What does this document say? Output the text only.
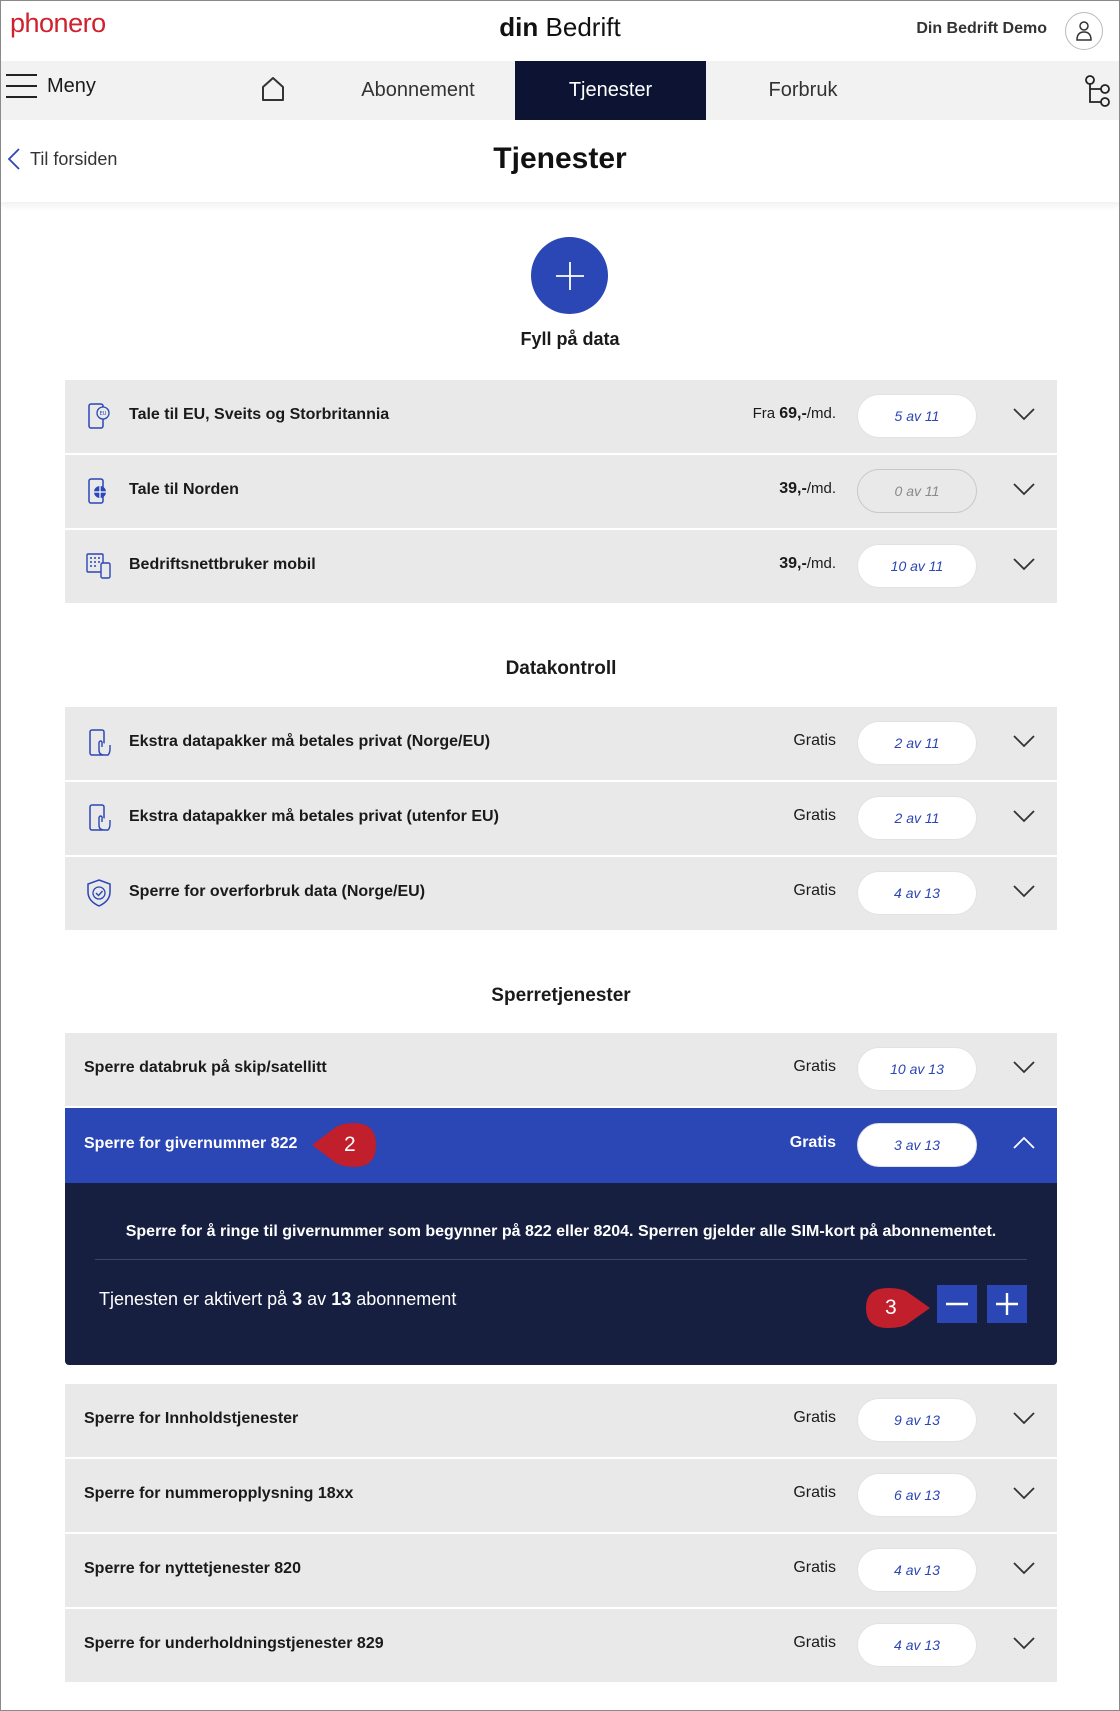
phonero	din Bedrift	Din Bedrift Demo
Meny	Abonnement	Tjenester	Forbruk
Til forsiden	Tjenester
Fyll på data
EU Tale til EU, Sveits og Storbritannia	Fra 69,-/md.	5 av 11
Tale til Norden	39,-/md.	0 av 11
Bedriftsnettbruker mobil	39,-/md.	10 av 11
Datakontroll
Ekstra datapakker må betales privat (Norge/EU)	Gratis	2 av 11
Ekstra datapakker må betales privat (utenfor EU)	Gratis	2 av 11
Sperre for overforbruk data (Norge/EU)	Gratis	4 av 13
Sperretjenester
Sperre databruk på skip/satellitt	Gratis	10 av 13
Sperre for givernummer 822	Gratis	3 av 13
Sperre for å ringe til givernummer som begynner på 822 eller 8204. Sperren gjelder alle SIM-kort på abonnementet.
Tjenesten er aktivert på 3 av 13 abonnement
Sperre for Innholdstjenester	Gratis	9 av 13
Sperre for nummeropplysning 18xx	Gratis	6 av 13
Sperre for nyttetjenester 820	Gratis	4 av 13
Sperre for underholdningstjenester 829	Gratis	4 av 13
2
3
